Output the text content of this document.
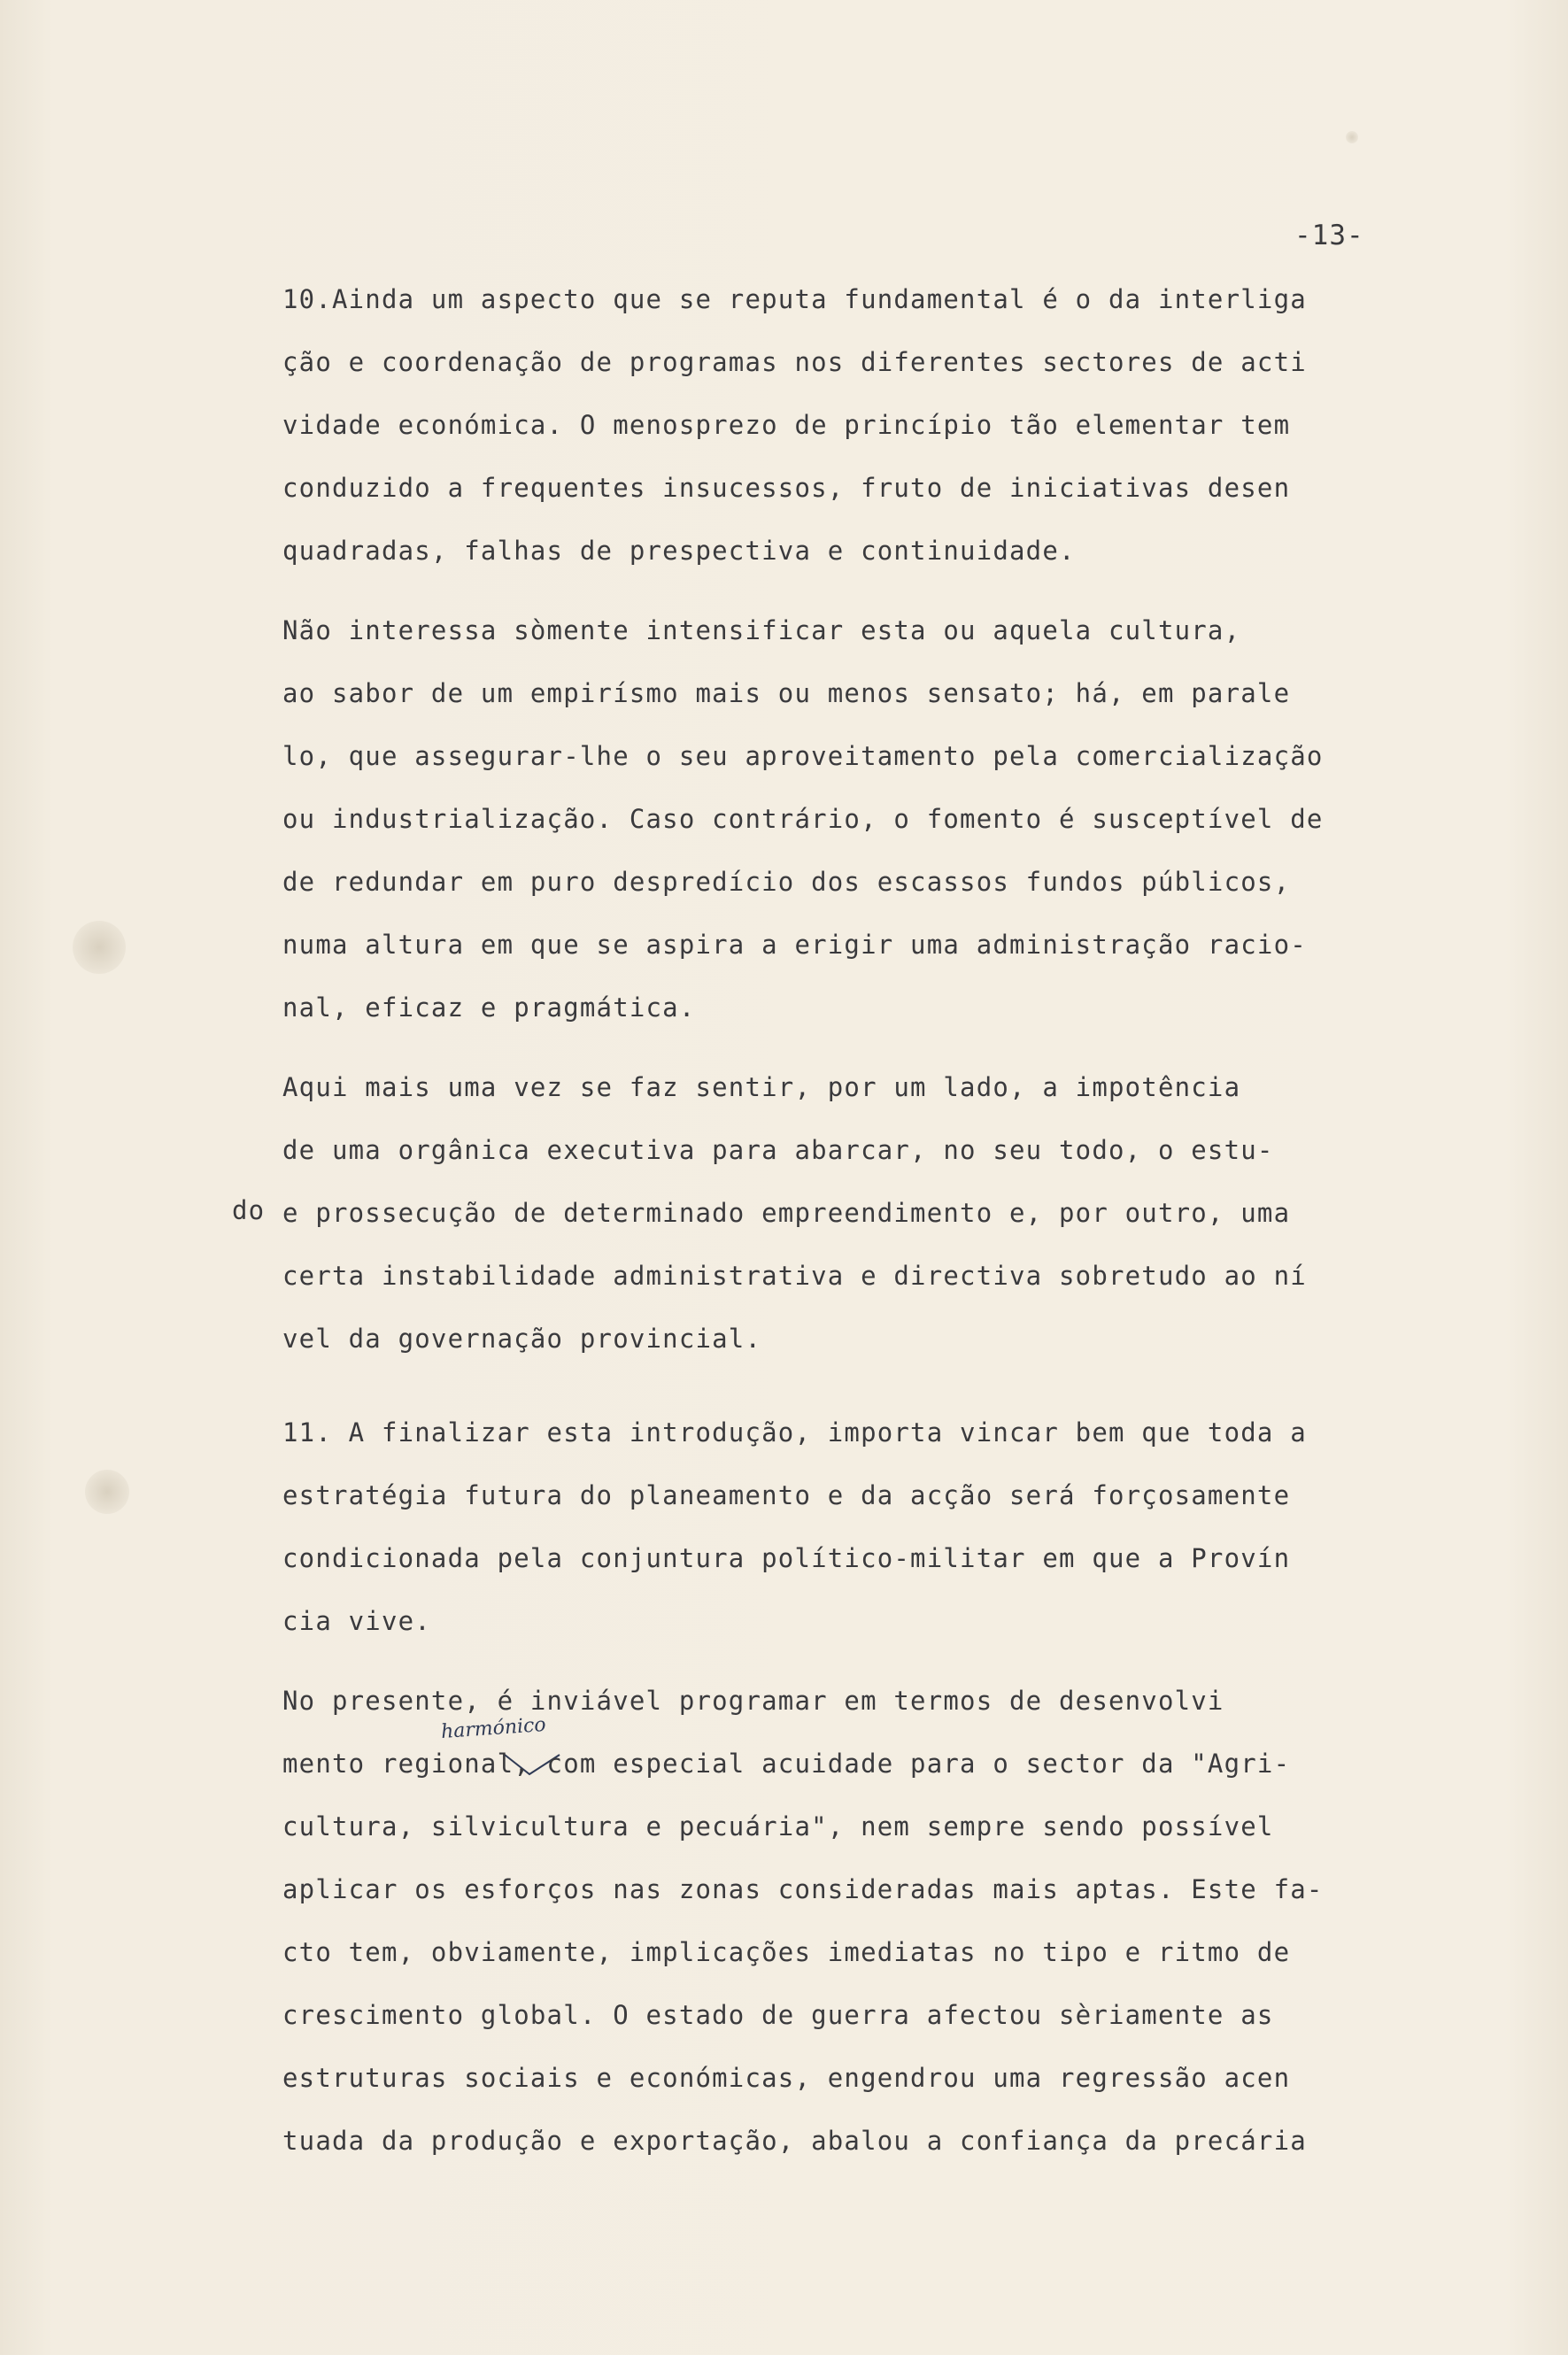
-13-
10.Ainda um aspecto que se reputa fundamental é o da interliga
ção e coordenação de programas nos diferentes sectores de acti
vidade económica. O menosprezo de princípio tão elementar tem
conduzido a frequentes insucessos, fruto de iniciativas desen
quadradas, falhas de prespectiva e continuidade.
Não interessa sòmente intensificar esta ou aquela cultura,
ao sabor de um empirísmo mais ou menos sensato; há, em parale
lo, que assegurar-lhe o seu aproveitamento pela comercialização
ou industrialização. Caso contrário, o fomento é susceptível de
de redundar em puro despredício dos escassos fundos públicos,
numa altura em que se aspira a erigir uma administração racio-
nal, eficaz e pragmática.
Aqui mais uma vez se faz sentir, por um lado, a impotência
de uma orgânica executiva para abarcar, no seu todo, o estu-
do e prossecução de determinado empreendimento e, por outro, uma
certa instabilidade administrativa e directiva sobretudo ao ní
vel da governação provincial.
11. A finalizar esta introdução, importa vincar bem que toda a
estratégia futura do planeamento e da acção será forçosamente
condicionada pela conjuntura político-militar em que a Provín
cia vive.
harmónico
No presente, é inviável programar em termos de desenvolvi
mento regional, com especial acuidade para o sector da "Agri-
cultura, silvicultura e pecuária", nem sempre sendo possível
aplicar os esforços nas zonas consideradas mais aptas. Este fa-
cto tem, obviamente, implicações imediatas no tipo e ritmo de
crescimento global. O estado de guerra afectou sèriamente as
estruturas sociais e económicas, engendrou uma regressão acen
tuada da produção e exportação, abalou a confiança da precária
